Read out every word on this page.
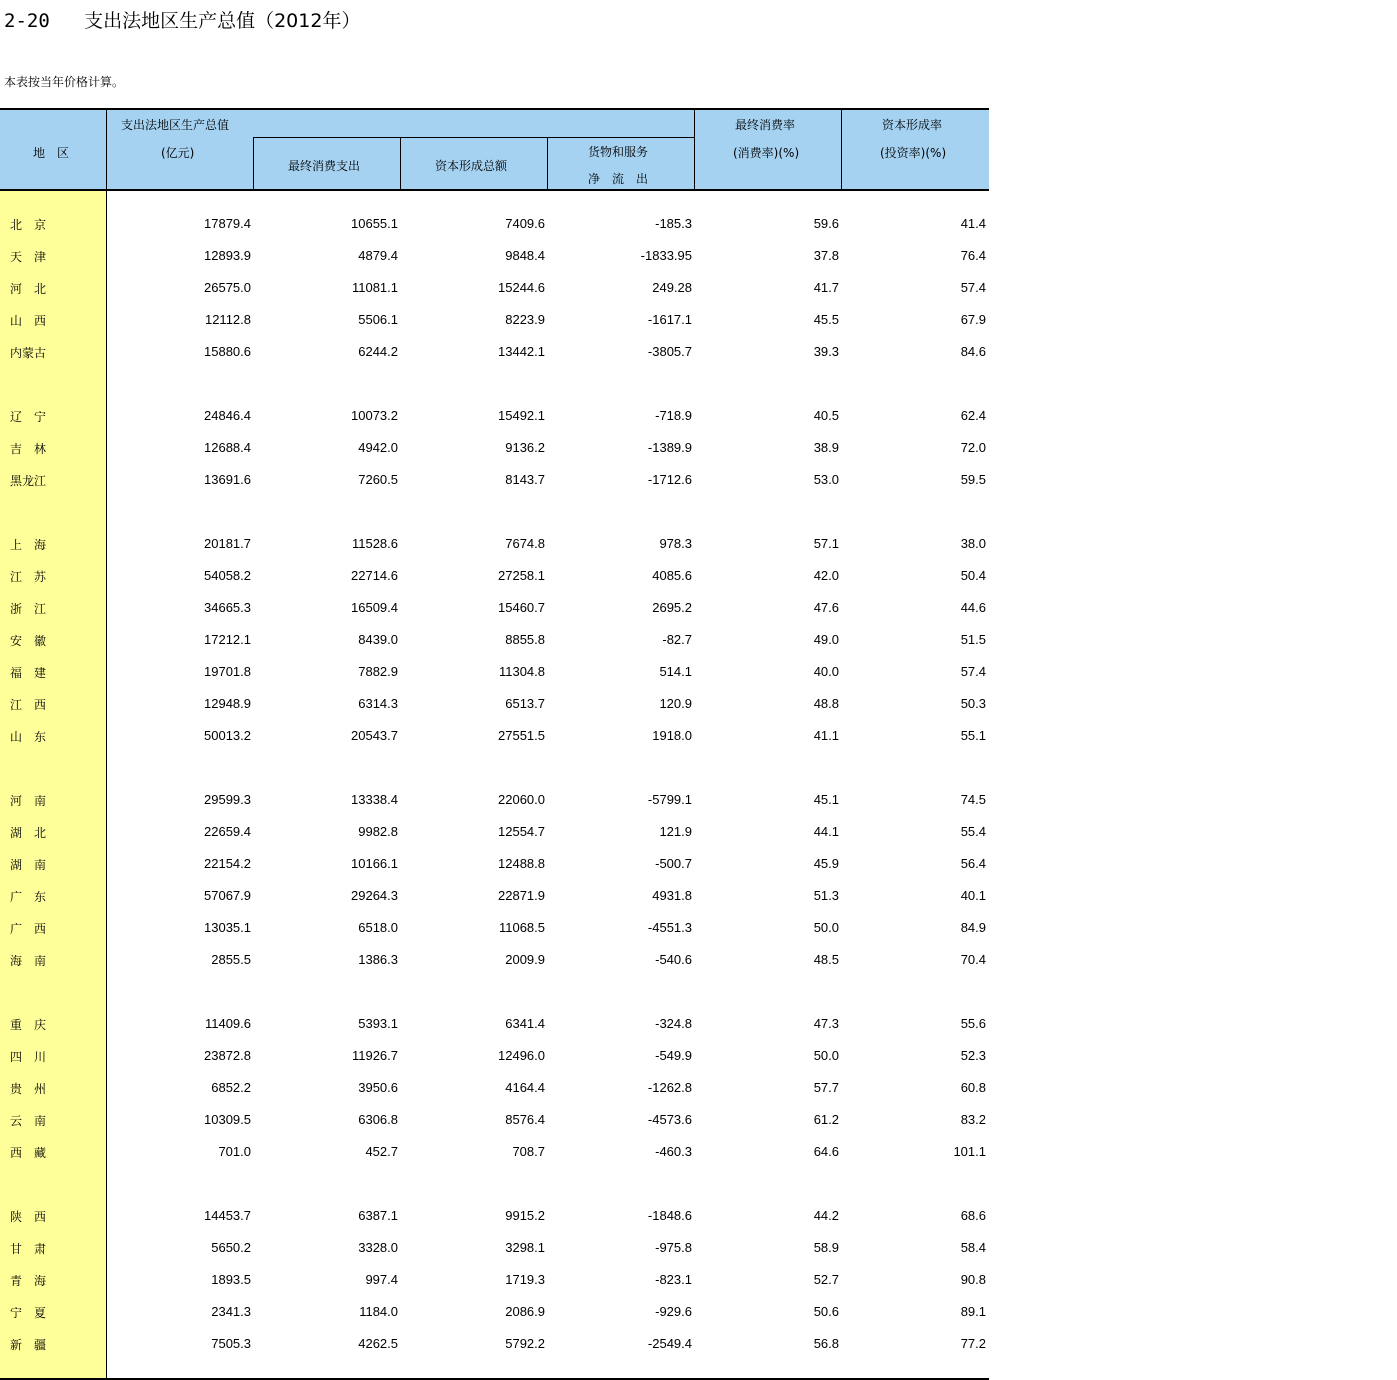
2-20 支出法地区生产总值（2012年）
本表按当年价格计算。
地　区
支出法地区生产总值
(亿元)
最终消费支出	资本形成总额
货物和服务
净　流　出
最终消费率
(消费率)(%)
资本形成率
(投资率)(%)
北　京	17879.4	10655.1	7409.6	-185.3	59.6	41.4
天　津	12893.9	4879.4	9848.4	-1833.95	37.8	76.4
河　北	26575.0	11081.1	15244.6	249.28	41.7	57.4
山　西	12112.8	5506.1	8223.9	-1617.1	45.5	67.9
内蒙古	15880.6	6244.2	13442.1	-3805.7	39.3	84.6
辽　宁	24846.4	10073.2	15492.1	-718.9	40.5	62.4
吉　林	12688.4	4942.0	9136.2	-1389.9	38.9	72.0
黑龙江	13691.6	7260.5	8143.7	-1712.6	53.0	59.5
上　海	20181.7	11528.6	7674.8	978.3	57.1	38.0
江　苏	54058.2	22714.6	27258.1	4085.6	42.0	50.4
浙　江	34665.3	16509.4	15460.7	2695.2	47.6	44.6
安　徽	17212.1	8439.0	8855.8	-82.7	49.0	51.5
福　建	19701.8	7882.9	11304.8	514.1	40.0	57.4
江　西	12948.9	6314.3	6513.7	120.9	48.8	50.3
山　东	50013.2	20543.7	27551.5	1918.0	41.1	55.1
河　南	29599.3	13338.4	22060.0	-5799.1	45.1	74.5
湖　北	22659.4	9982.8	12554.7	121.9	44.1	55.4
湖　南	22154.2	10166.1	12488.8	-500.7	45.9	56.4
广　东	57067.9	29264.3	22871.9	4931.8	51.3	40.1
广　西	13035.1	6518.0	11068.5	-4551.3	50.0	84.9
海　南	2855.5	1386.3	2009.9	-540.6	48.5	70.4
重　庆	11409.6	5393.1	6341.4	-324.8	47.3	55.6
四　川	23872.8	11926.7	12496.0	-549.9	50.0	52.3
贵　州	6852.2	3950.6	4164.4	-1262.8	57.7	60.8
云　南	10309.5	6306.8	8576.4	-4573.6	61.2	83.2
西　藏	701.0	452.7	708.7	-460.3	64.6	101.1
陕　西	14453.7	6387.1	9915.2	-1848.6	44.2	68.6
甘　肃	5650.2	3328.0	3298.1	-975.8	58.9	58.4
青　海	1893.5	997.4	1719.3	-823.1	52.7	90.8
宁　夏	2341.3	1184.0	2086.9	-929.6	50.6	89.1
新　疆	7505.3	4262.5	5792.2	-2549.4	56.8	77.2
